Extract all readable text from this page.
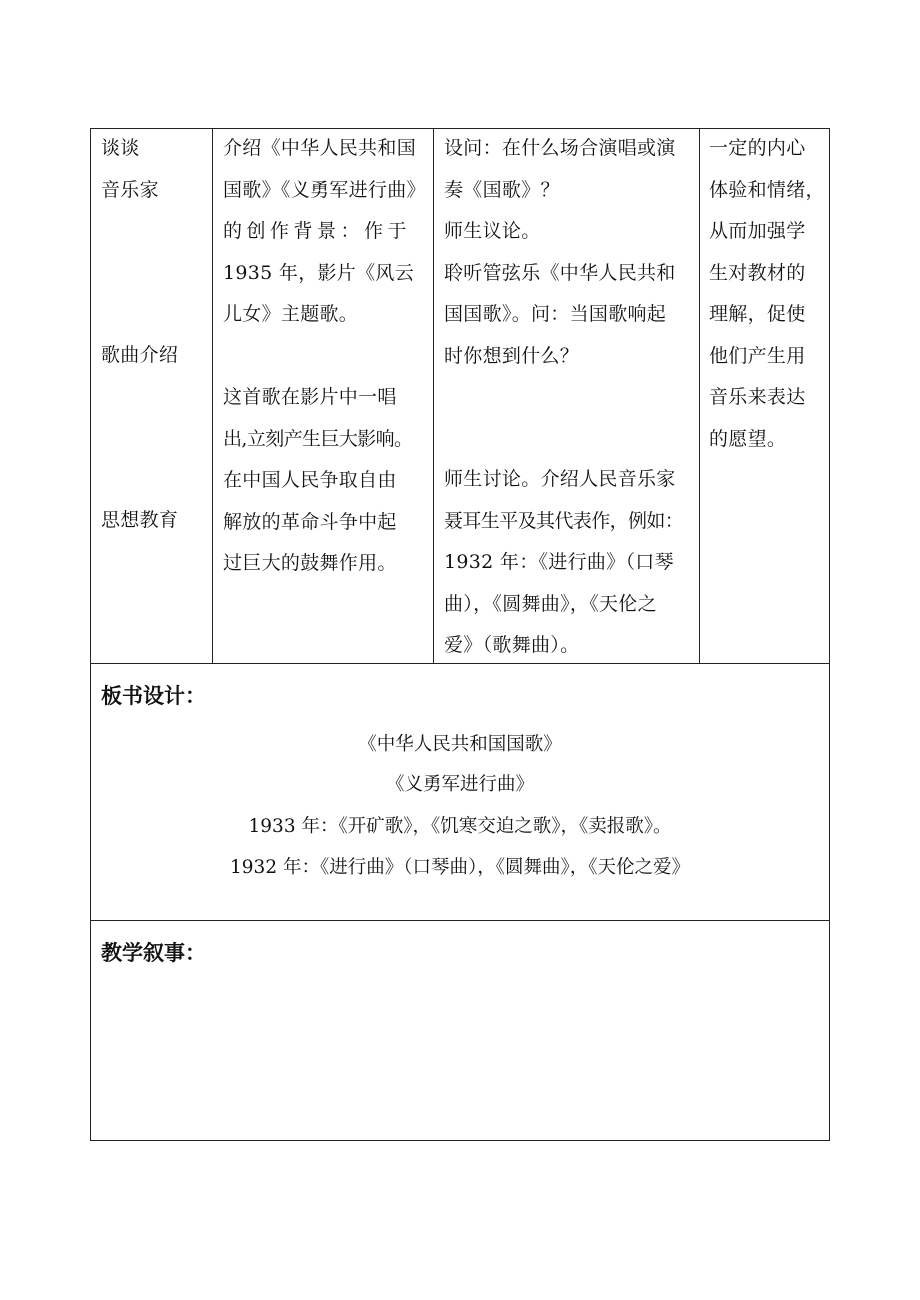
谈谈
音乐家
歌曲介绍
思想教育
介绍《中华人民共和国
国歌》《义勇军进行曲》
的创作背景：作于
1935 年，影片《风云
儿女》主题歌。
这首歌在影片中一唱
出,立刻产生巨大影响。
在中国人民争取自由
解放的革命斗争中起
过巨大的鼓舞作用。
设问：在什么场合演唱或演
奏《国歌》？
师生议论。
聆听管弦乐《中华人民共和
国国歌》。问：当国歌响起
时你想到什么？
师生讨论。介绍人民音乐家
聂耳生平及其代表作，例如：
1932 年：《进行曲》（口琴
曲），《圆舞曲》，《天伦之
爱》（歌舞曲）。
一定的内心
体验和情绪，
从而加强学
生对教材的
理解，促使
他们产生用
音乐来表达
的愿望。
板书设计：
《中华人民共和国国歌》
《义勇军进行曲》
1933 年：《开矿歌》，《饥寒交迫之歌》，《卖报歌》。
1932 年：《进行曲》（口琴曲），《圆舞曲》，《天伦之爱》
教学叙事：
